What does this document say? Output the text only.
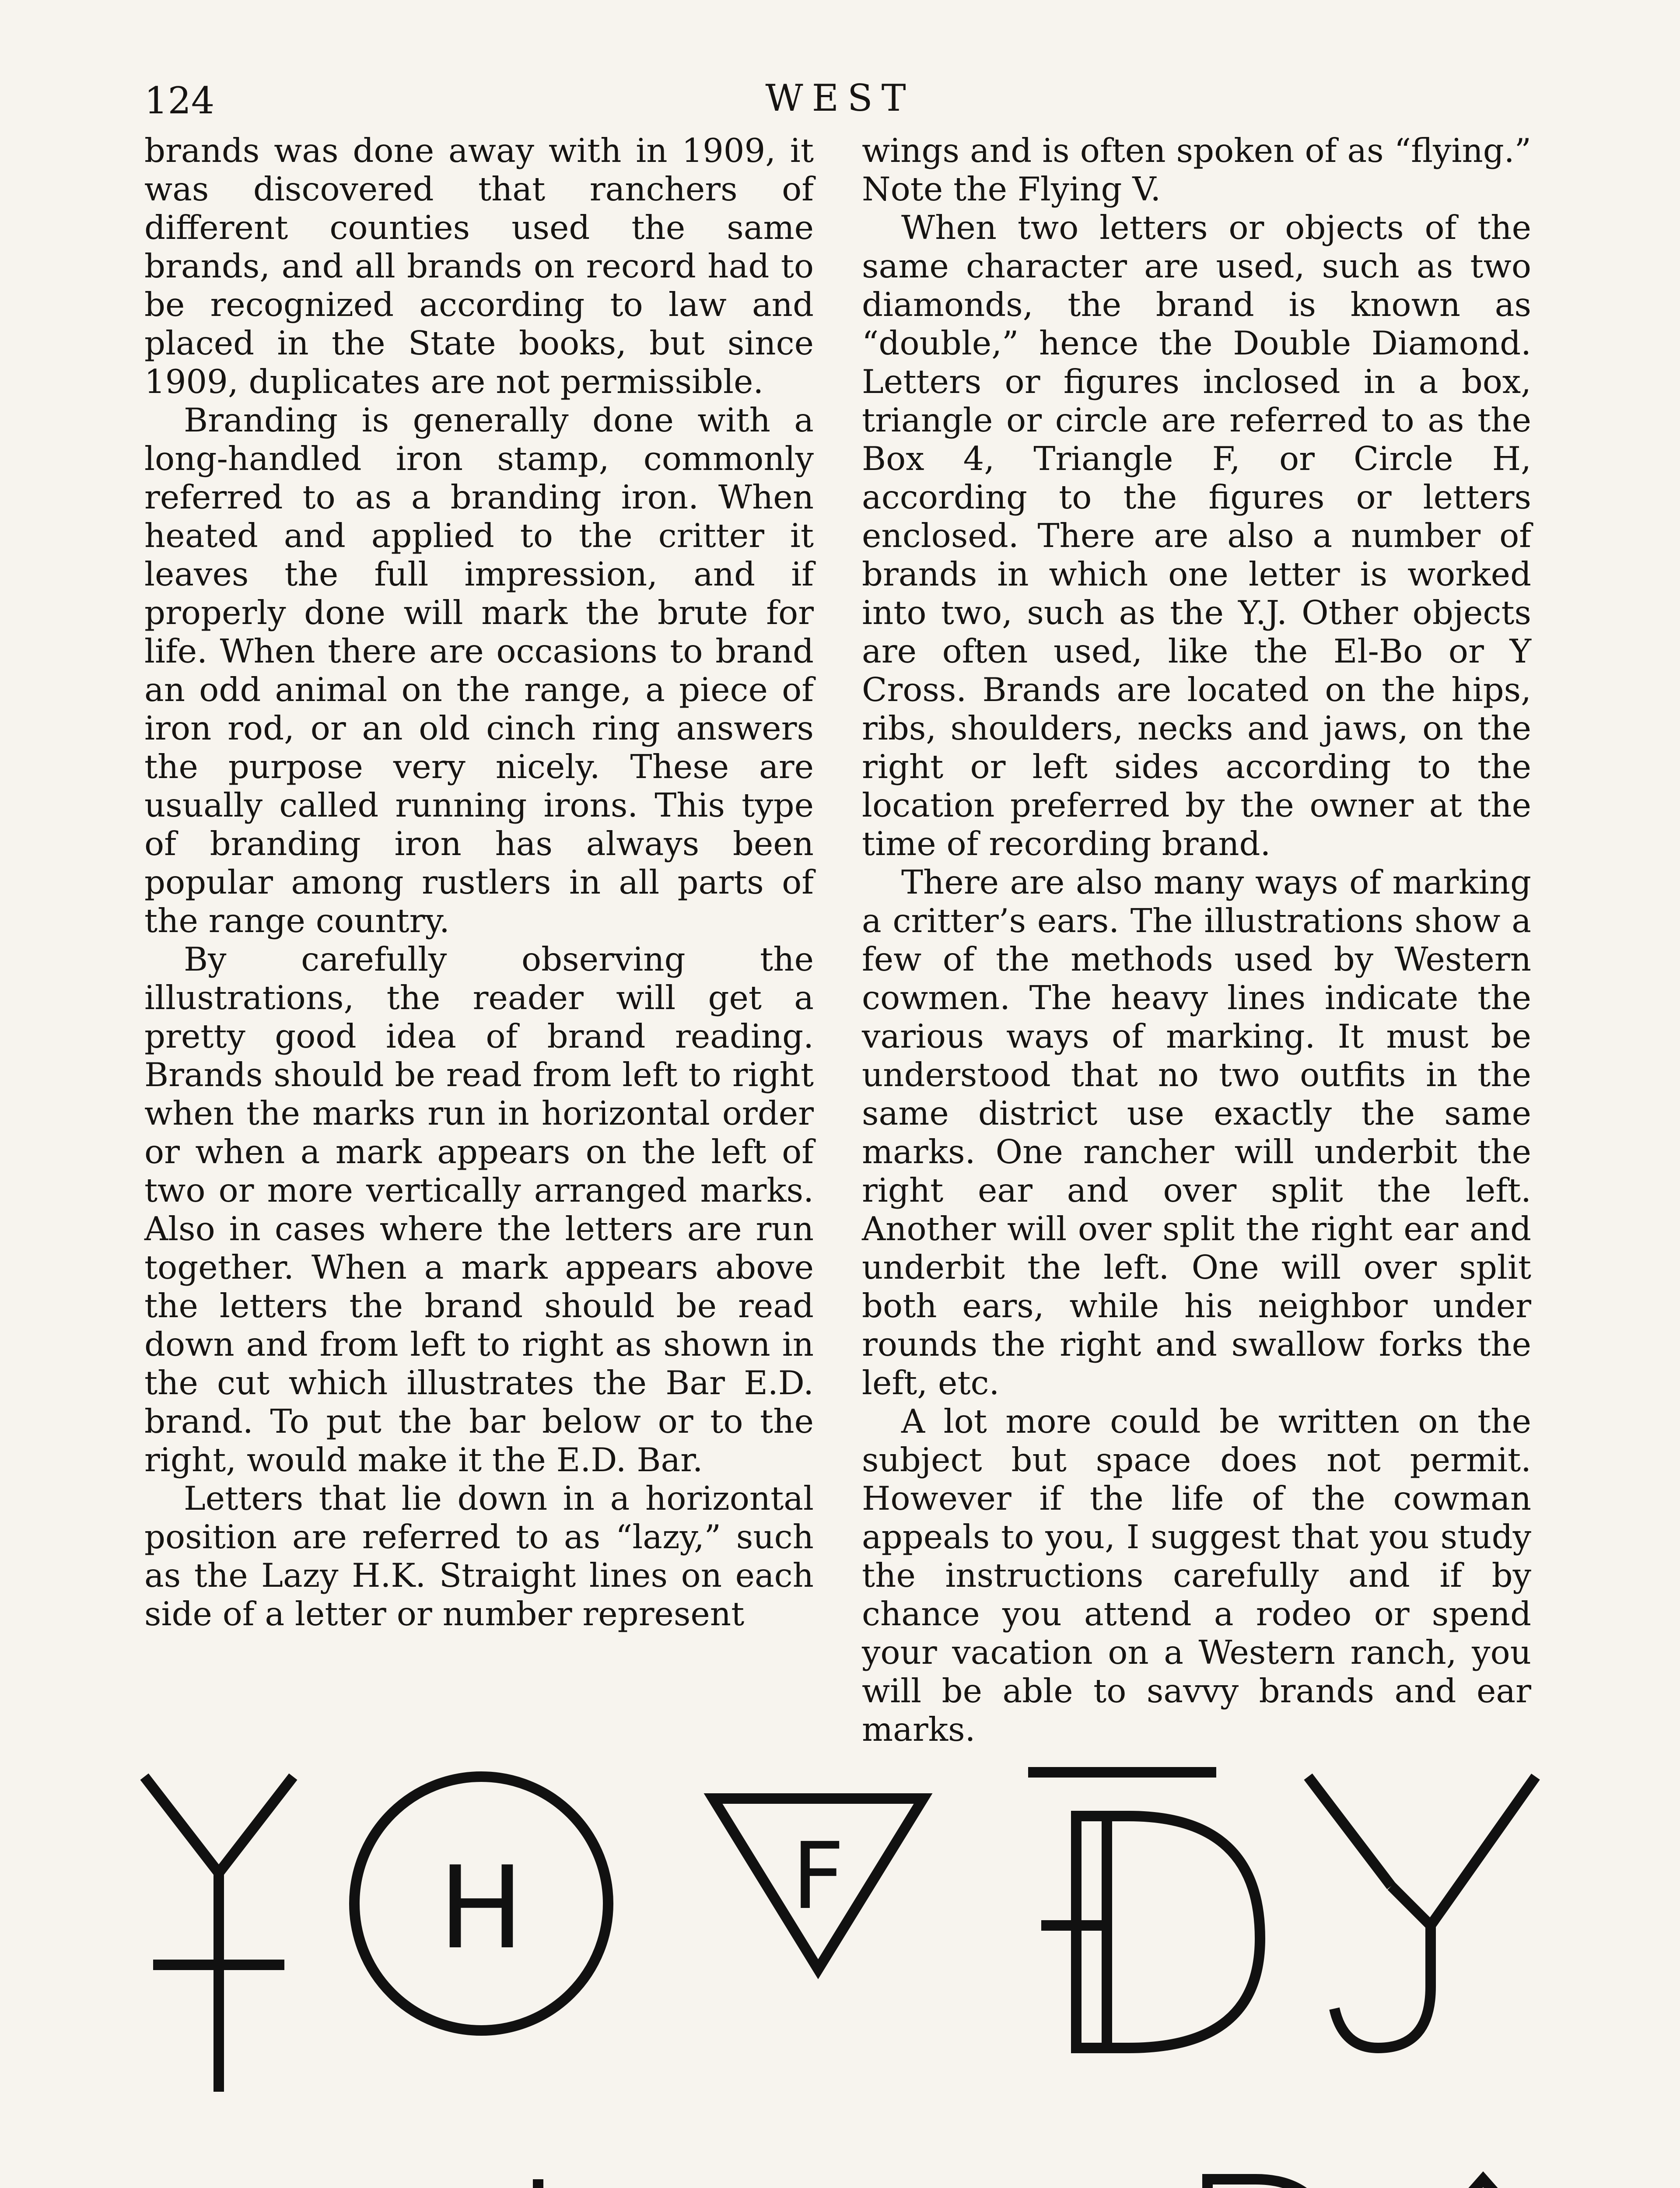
124	WEST

brands was done away with in 1909, it was discovered that ranchers of different counties used the same brands, and all brands on record had to be recognized according to law and placed in the State books, but since 1909, duplicates are not permissible.

Branding is generally done with a long-handled iron stamp, commonly referred to as a branding iron. When heated and applied to the critter it leaves the full impression, and if properly done will mark the brute for life. When there are occasions to brand an odd animal on the range, a piece of iron rod, or an old cinch ring answers the purpose very nicely. These are usually called running irons. This type of branding iron has always been popular among rustlers in all parts of the range country.

By carefully observing the illustrations, the reader will get a pretty good idea of brand reading. Brands should be read from left to right when the marks run in horizontal order or when a mark appears on the left of two or more vertically arranged marks. Also in cases where the letters are run together. When a mark appears above the letters the brand should be read down and from left to right as shown in the cut which illustrates the Bar E.D. brand. To put the bar below or to the right, would make it the E.D. Bar.

Letters that lie down in a horizontal position are referred to as “lazy,” such as the Lazy H.K. Straight lines on each side of a letter or number represent

wings and is often spoken of as “flying.” Note the Flying V.

When two letters or objects of the same character are used, such as two diamonds, the brand is known as “double,” hence the Double Diamond. Letters or figures inclosed in a box, triangle or circle are referred to as the Box 4, Triangle F, or Circle H, according to the figures or letters enclosed. There are also a number of brands in which one letter is worked into two, such as the Y.J. Other objects are often used, like the El-Bo or Y Cross. Brands are located on the hips, ribs, shoulders, necks and jaws, on the right or left sides according to the location preferred by the owner at the time of recording brand.

There are also many ways of marking a critter’s ears. The illustrations show a few of the methods used by Western cowmen. The heavy lines indicate the various ways of marking. It must be understood that no two outfits in the same district use exactly the same marks. One rancher will underbit the right ear and over split the left. Another will over split the right ear and underbit the left. One will over split both ears, while his neighbor under rounds the right and swallow forks the left, etc.

A lot more could be written on the subject but space does not permit. However if the life of the cowman appeals to you, I suggest that you study the instructions carefully and if by chance you attend a rodeo or spend your vacation on a Western ranch, you will be able to savvy brands and ear marks.

H	F
